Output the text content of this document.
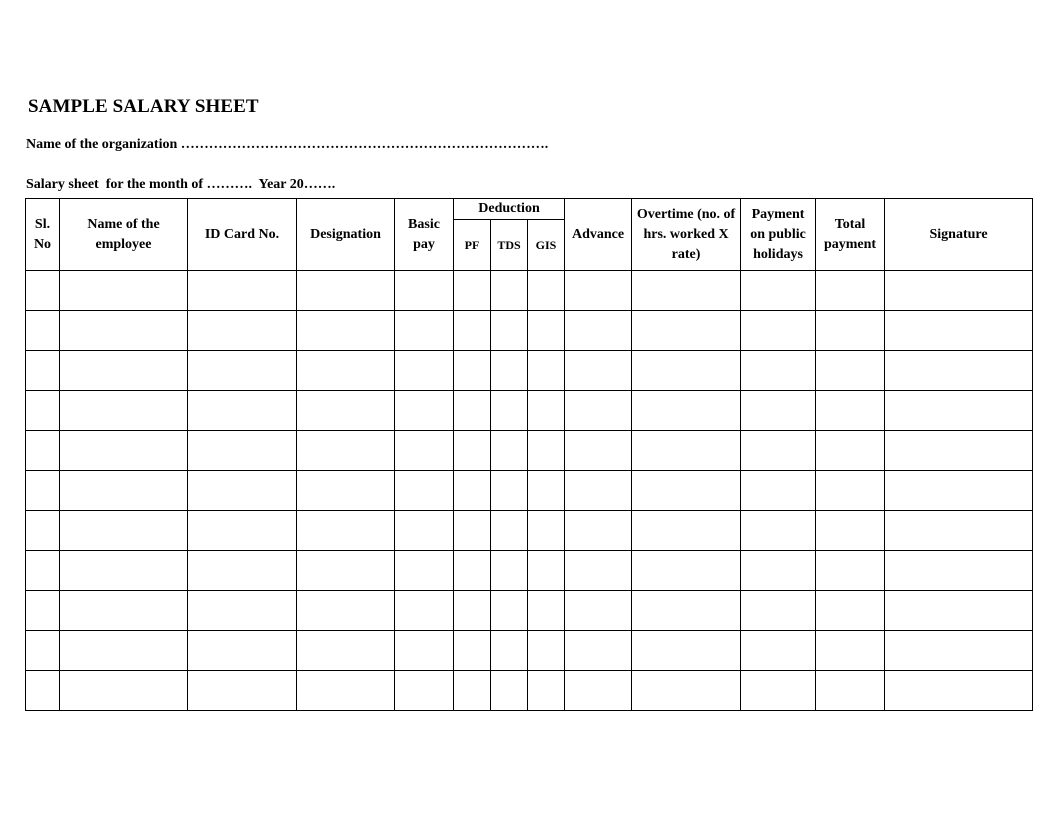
SAMPLE SALARY SHEET
Name of the organization …………………………………………………………………….
Salary sheet  for the month of ……….  Year 20…….
Sl. No	Name of the employee	ID Card No.	Designation	Basic pay	Deduction			Advance	Overtime (no. of hrs. worked X rate)	Payment on public holidays	Total payment	Signature

					PF	TDS	GIS					
